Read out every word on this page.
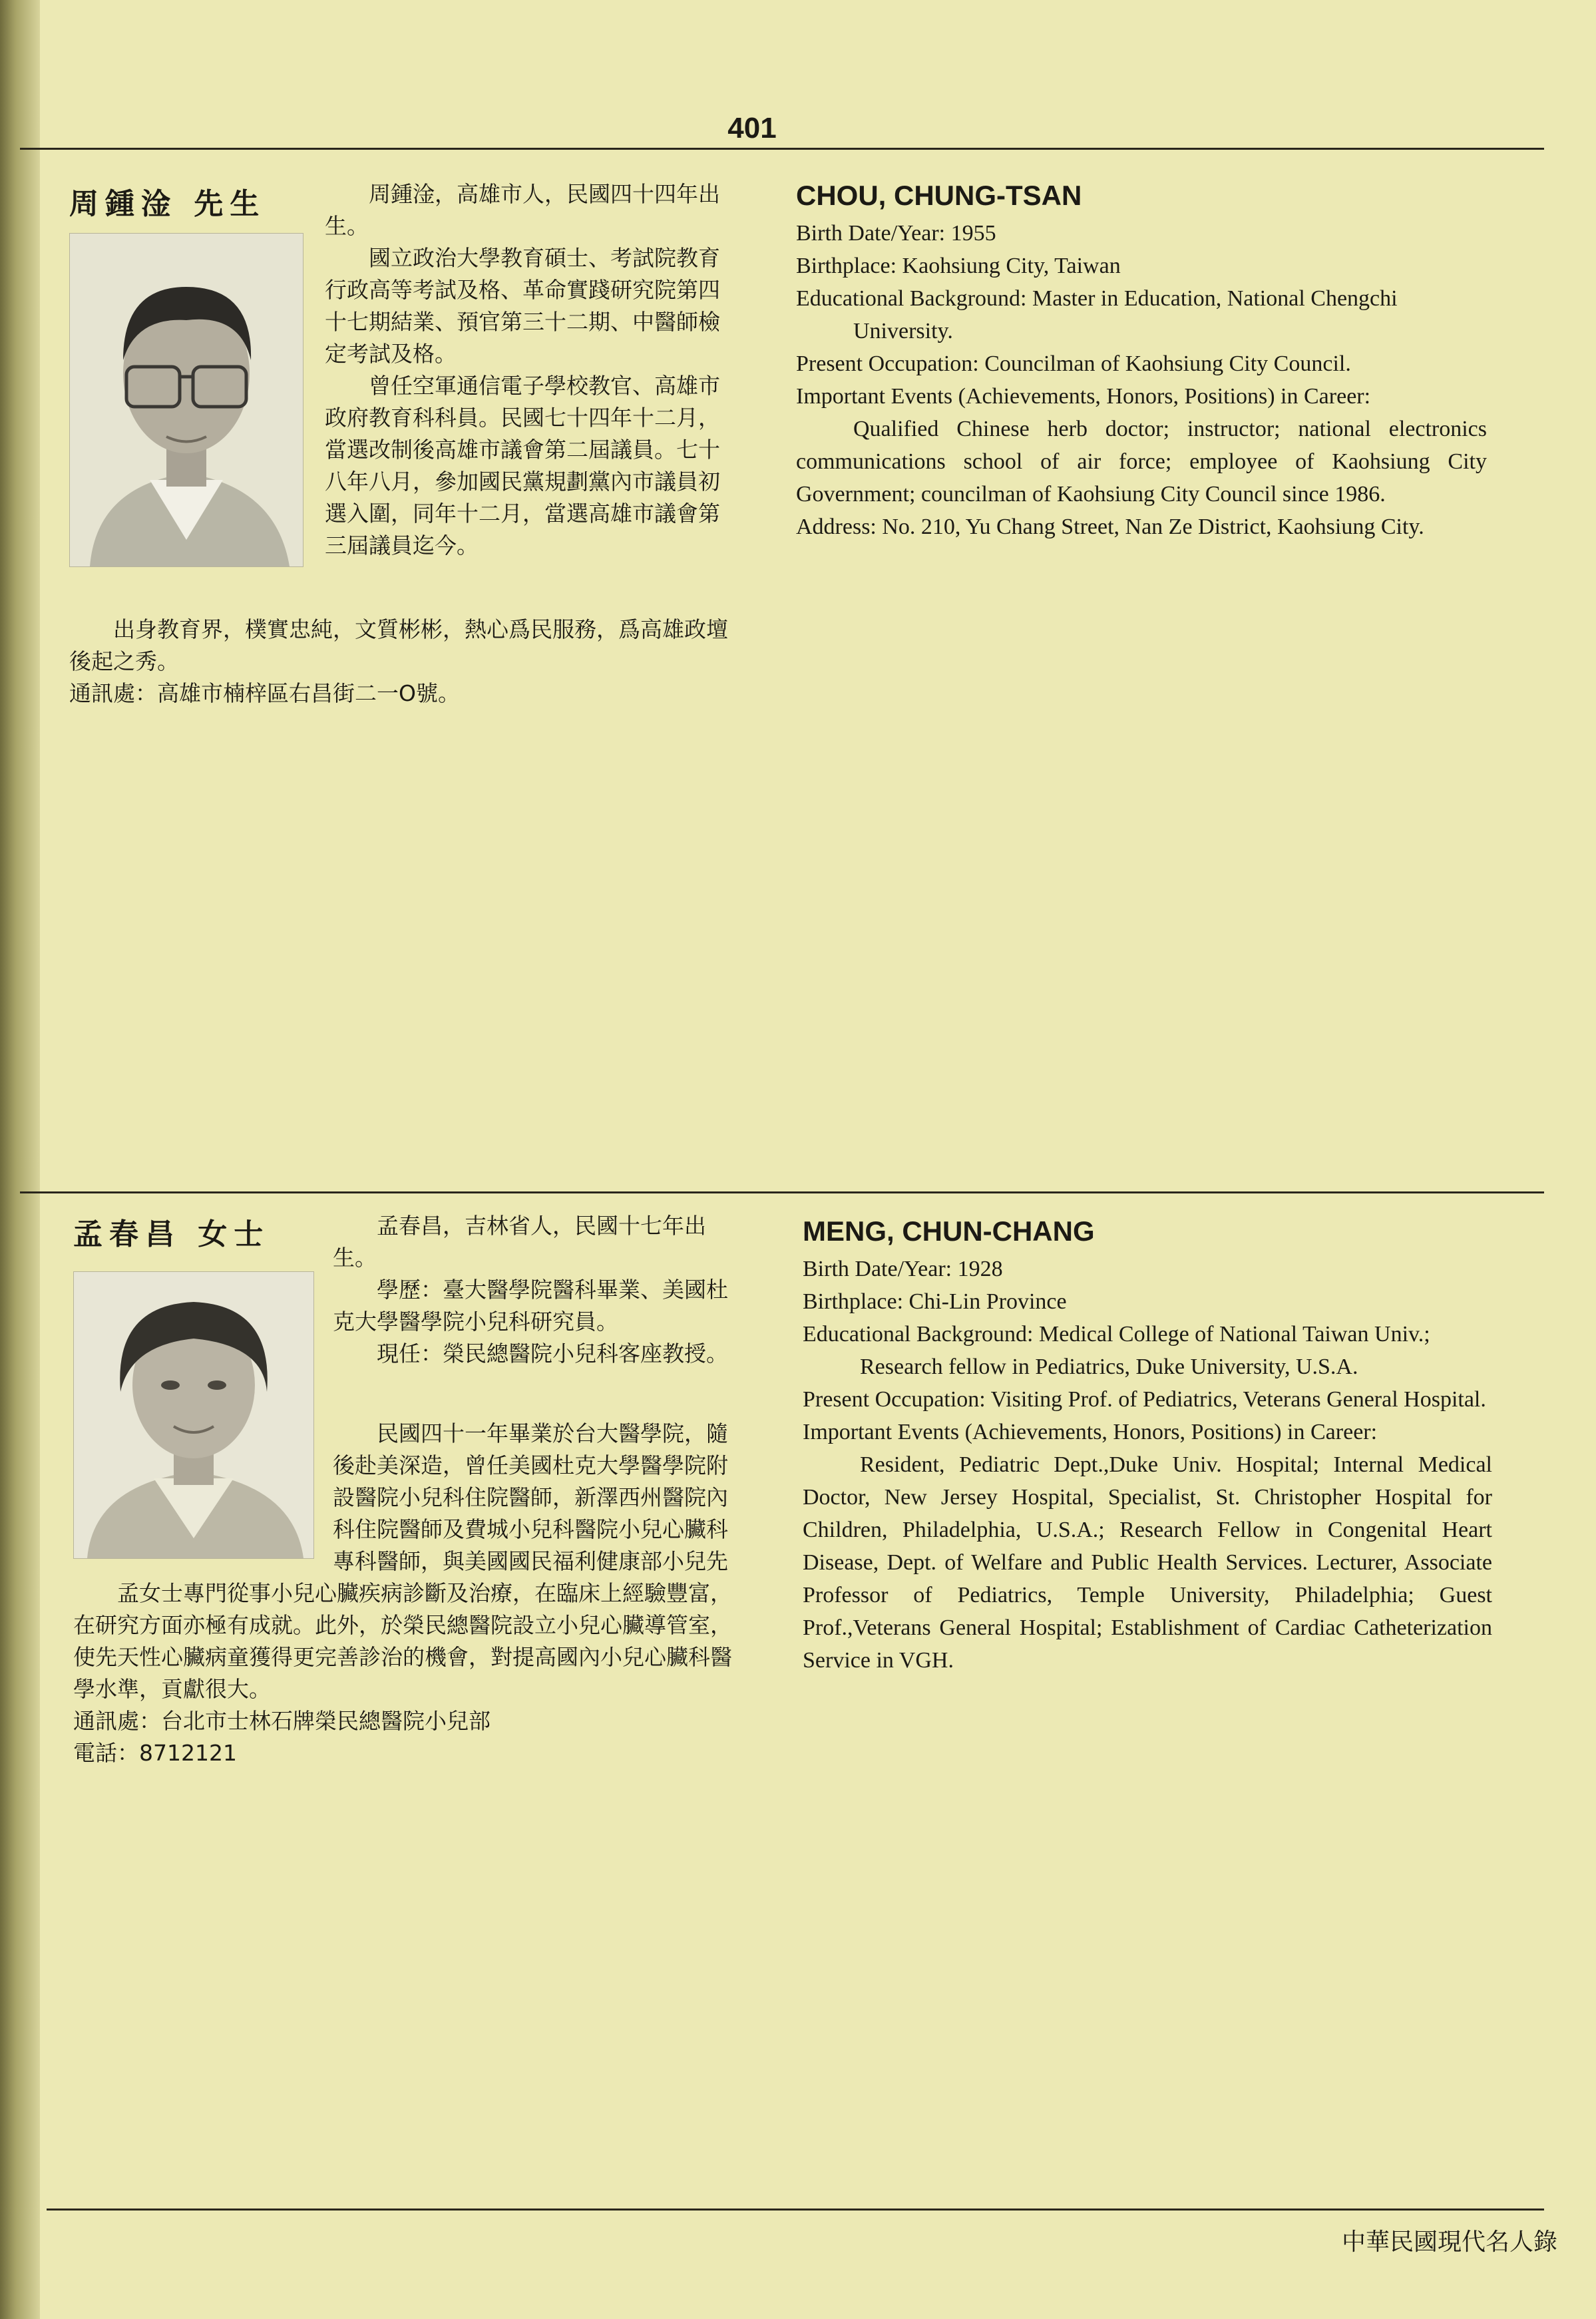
401
周鍾淦 先生	周鍾淦，高雄市人，民國四十四年出生。

國立政治大學教育碩士、考試院教育行政高等考試及格、革命實踐研究院第四十七期結業、預官第三十二期、中醫師檢定考試及格。

曾任空軍通信電子學校教官、高雄市政府教育科科員。民國七十四年十二月，當選改制後高雄市議會第二屆議員。七十八年八月，參加國民黨規劃黨內市議員初選入圍，同年十二月，當選高雄市議會第三屆議員迄今。

出身教育界，樸實忠純，文質彬彬，熱心爲民服務，爲高雄政壇後起之秀。

通訊處：高雄市楠梓區右昌街二一O號。

CHOU, CHUNG-TSAN

Birth Date/Year: 1955

Birthplace: Kaohsiung City, Taiwan

Educational Background: Master in Education, National Chengchi University.

Present Occupation: Councilman of Kaohsiung City Council.

Important Events (Achievements, Honors, Positions) in Career:

Qualified Chinese herb doctor; instructor; national electronics communications school of air force; employee of Kaohsiung City Government; councilman of Kaohsiung City Council since 1986.

Address: No. 210, Yu Chang Street, Nan Ze District, Kaohsiung City.

孟春昌 女士	孟春昌，吉林省人，民國十七年出生。

學歷：臺大醫學院醫科畢業、美國杜克大學醫學院小兒科研究員。

現任：榮民總醫院小兒科客座教授。

民國四十一年畢業於台大醫學院，隨後赴美深造，曾任美國杜克大學醫學院附設醫院小兒科住院醫師，新澤西州醫院內科住院醫師及費城小兒科醫院小兒心臟科專科醫師，與美國國民福利健康部小兒先

孟女士專門從事小兒心臟疾病診斷及治療，在臨床上經驗豐富，在研究方面亦極有成就。此外，於榮民總醫院設立小兒心臟導管室，使先天性心臟病童獲得更完善診治的機會，對提高國內小兒心臟科醫學水準，貢獻很大。

通訊處：台北市士林石牌榮民總醫院小兒部

電話：8712121

MENG, CHUN-CHANG

Birth Date/Year: 1928

Birthplace: Chi-Lin Province

Educational Background: Medical College of National Taiwan Univ.; Research fellow in Pediatrics, Duke University, U.S.A.

Present Occupation: Visiting Prof. of Pediatrics, Veterans General Hospital.

Important Events (Achievements, Honors, Positions) in Career:

Resident, Pediatric Dept.,Duke Univ. Hospital; Internal Medical Doctor, New Jersey Hospital, Specialist, St. Christopher Hospital for Children, Philadelphia, U.S.A.; Research Fellow in Congenital Heart Disease, Dept. of Welfare and Public Health Services. Lecturer, Associate Professor of Pediatrics, Temple University, Philadelphia; Guest Prof.,Veterans General Hospital; Establishment of Cardiac Catheterization Service in VGH.

中華民國現代名人錄
